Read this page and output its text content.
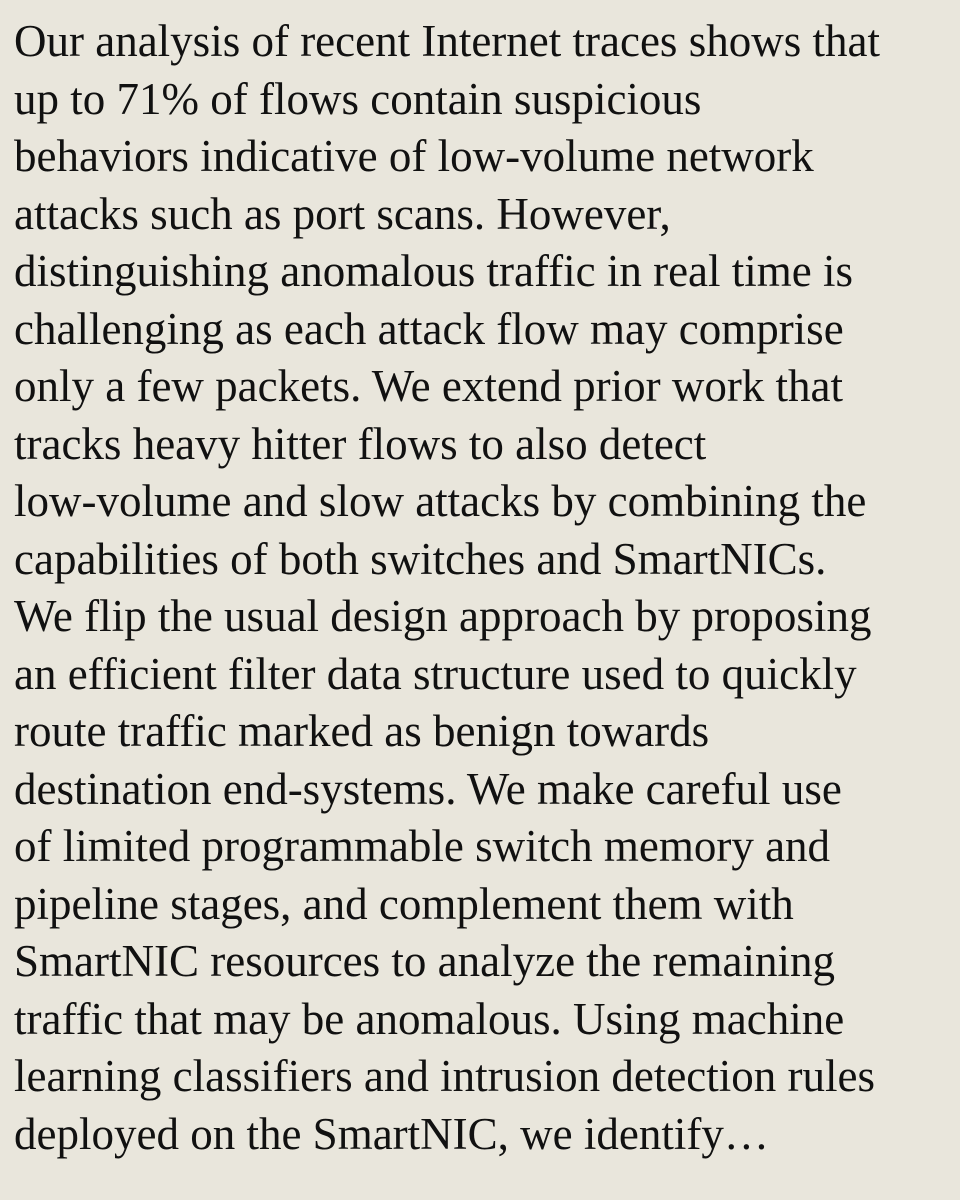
Our analysis of recent Internet traces shows that
up to 71% of flows contain suspicious
behaviors indicative of low-volume network
attacks such as port scans. However,
distinguishing anomalous traffic in real time is
challenging as each attack flow may comprise
only a few packets. We extend prior work that
tracks heavy hitter flows to also detect
low-volume and slow attacks by combining the
capabilities of both switches and SmartNICs.
We flip the usual design approach by proposing
an efficient filter data structure used to quickly
route traffic marked as benign towards
destination end-systems. We make careful use
of limited programmable switch memory and
pipeline stages, and complement them with
SmartNIC resources to analyze the remaining
traffic that may be anomalous. Using machine
learning classifiers and intrusion detection rules
deployed on the SmartNIC, we identify…
